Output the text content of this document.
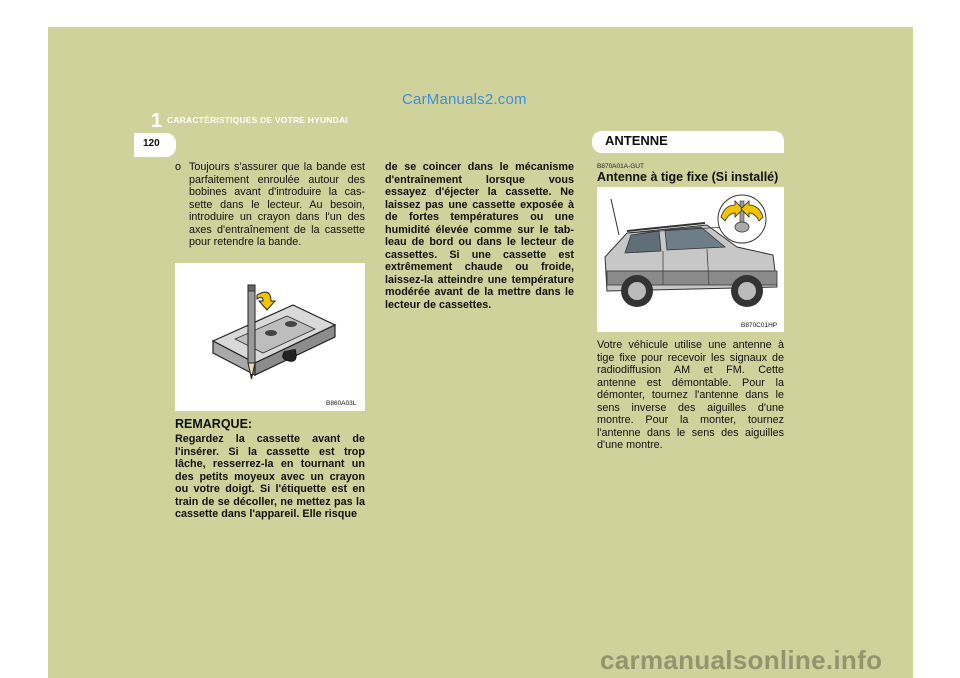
CarManuals2.com
1 CARACTÉRISTIQUES DE VOTRE HYUNDAI
120	ANTENNE
o Toujours s'assurer que la bande est parfaitement enroulée autour des bobines avant d'introduire la cas-sette dans le lecteur. Au besoin, introduire un crayon dans l'un des axes d'entraînement de la cassette pour retendre la bande.
B860A03L
REMARQUE:
Regardez la cassette avant de l'insérer. Si la cassette est trop lâche, resserrez-la en tournant un des petits moyeux avec un crayon ou votre doigt. Si l'étiquette est en train de se décoller, ne mettez pas la cassette dans l'appareil. Elle risque
de se coincer dans le mécanisme d'entraînement lorsque vous essayez d'éjecter la cassette. Ne laissez pas une cassette exposée à de fortes températures ou une humidité élevée comme sur le tab-leau de bord ou dans le lecteur de cassettes. Si une cassette est extrêmement chaude ou froide, laissez-la atteindre une température modérée avant de la mettre dans le lecteur de cassettes.
B870A01A-GUT
Antenne à tige fixe (Si installé)
B870C01HP
Votre véhicule utilise une antenne à tige fixe pour recevoir les signaux de radiodiffusion AM et FM. Cette antenne est démontable. Pour la démonter, tournez l'antenne dans le sens inverse des aiguilles d'une montre. Pour la monter, tournez l'antenne dans le sens des aiguilles d'une montre.
carmanualsonline.info
